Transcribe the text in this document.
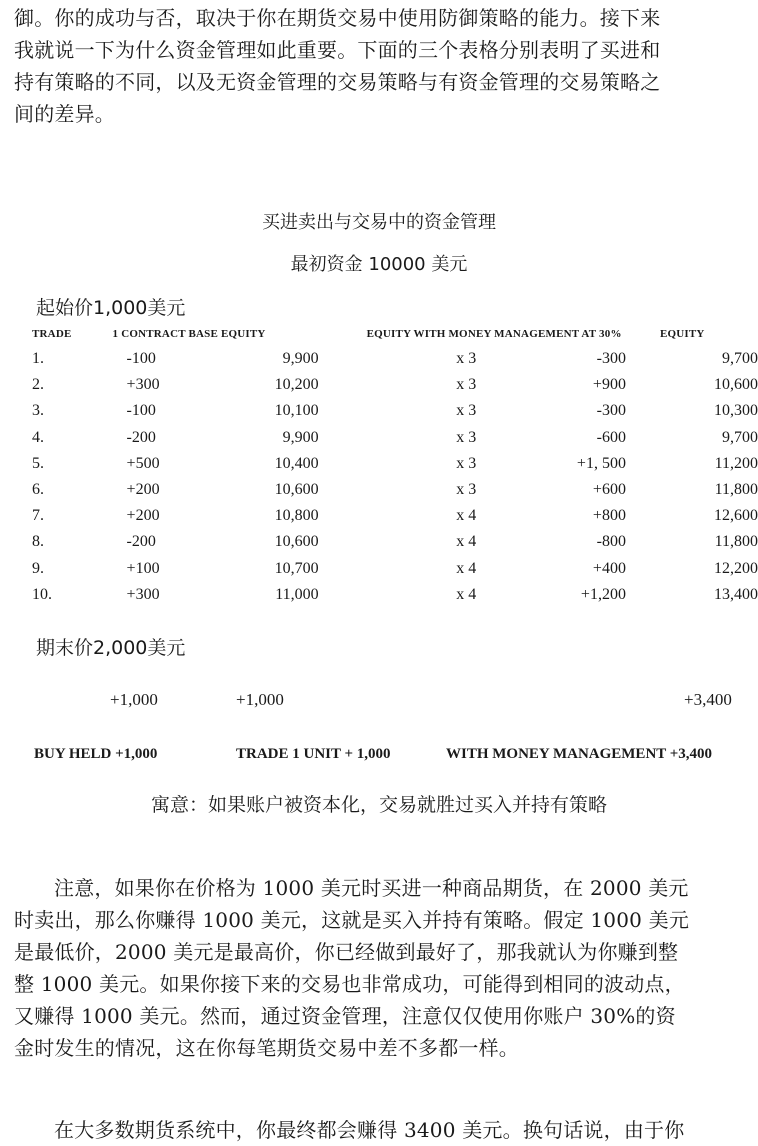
御。你的成功与否，取决于你在期货交易中使用防御策略的能力。接下来

我就说一下为什么资金管理如此重要。下面的三个表格分别表明了买进和

持有策略的不同，以及无资金管理的交易策略与有资金管理的交易策略之

间的差异。

买进卖出与交易中的资金管理
最初资金 10000 美元
起始价1,000美元
TRADE	1 CONTRACT BASE EQUITY		EQUITY WITH MONEY MANAGEMENT AT 30%		EQUITY
1.	-100	9,900	x 3	-300	9,700
2.	+300	10,200	x 3	+900	10,600
3.	-100	10,100	x 3	-300	10,300
4.	-200	9,900	x 3	-600	9,700
5.	+500	10,400	x 3	+1, 500	11,200
6.	+200	10,600	x 3	+600	11,800
7.	+200	10,800	x 4	+800	12,600
8.	-200	10,600	x 4	-800	11,800
9.	+100	10,700	x 4	+400	12,200
10.	+300	11,000	x 4	+1,200	13,400
期末价2,000美元
+1,000	+1,000	+3,400
BUY HELD +1,000	TRADE 1 UNIT + 1,000	WITH MONEY MANAGEMENT +3,400
寓意：如果账户被资本化，交易就胜过买入并持有策略

注意，如果你在价格为 1000 美元时买进一种商品期货，在 2000 美元

时卖出，那么你赚得 1000 美元，这就是买入并持有策略。假定 1000 美元

是最低价，2000 美元是最高价，你已经做到最好了，那我就认为你赚到整

整 1000 美元。如果你接下来的交易也非常成功，可能得到相同的波动点，

又赚得 1000 美元。然而，通过资金管理，注意仅仅使用你账户 30%的资

金时发生的情况，这在你每笔期货交易中差不多都一样。

在大多数期货系统中，你最终都会赚得 3400 美元。换句话说，由于你
